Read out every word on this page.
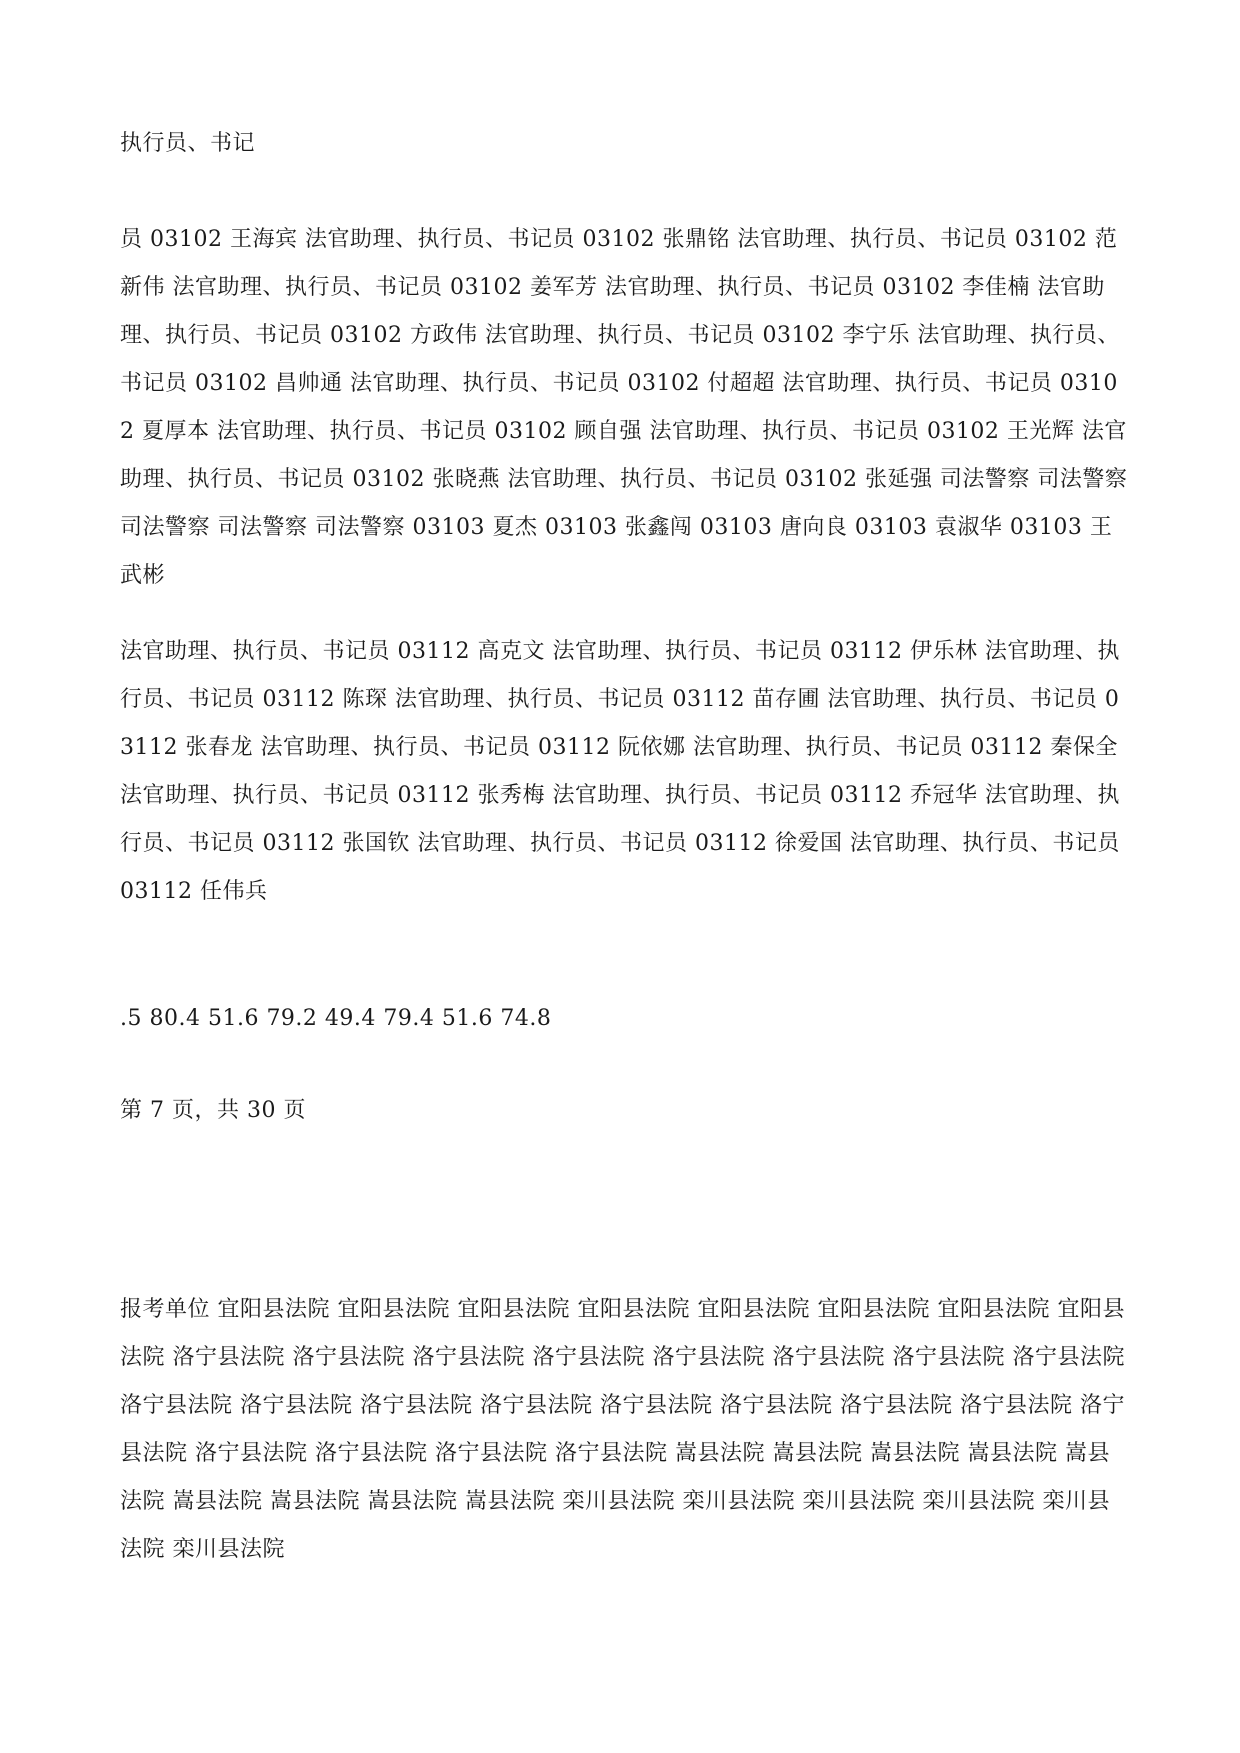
执行员、书记

员 03102 王海宾 法官助理、执行员、书记员 03102 张鼎铭 法官助理、执行员、书记员 03102 范新伟 法官助理、执行员、书记员 03102 姜军芳 法官助理、执行员、书记员 03102 李佳楠 法官助理、执行员、书记员 03102 方政伟 法官助理、执行员、书记员 03102 李宁乐 法官助理、执行员、书记员 03102 昌帅通 法官助理、执行员、书记员 03102 付超超 法官助理、执行员、书记员 03102 夏厚本 法官助理、执行员、书记员 03102 顾自强 法官助理、执行员、书记员 03102 王光辉 法官助理、执行员、书记员 03102 张晓燕 法官助理、执行员、书记员 03102 张延强 司法警察 司法警察 司法警察 司法警察 司法警察 03103 夏杰 03103 张鑫闯 03103 唐向良 03103 袁淑华 03103 王武彬

法官助理、执行员、书记员 03112 高克文 法官助理、执行员、书记员 03112 伊乐林 法官助理、执行员、书记员 03112 陈琛 法官助理、执行员、书记员 03112 苗存圃 法官助理、执行员、书记员 03112 张春龙 法官助理、执行员、书记员 03112 阮依娜 法官助理、执行员、书记员 03112 秦保全 法官助理、执行员、书记员 03112 张秀梅 法官助理、执行员、书记员 03112 乔冠华 法官助理、执行员、书记员 03112 张国钦 法官助理、执行员、书记员 03112 徐爱国 法官助理、执行员、书记员 03112 任伟兵

.5 80.4 51.6 79.2 49.4 79.4 51.6 74.8

第 7 页，共 30 页

报考单位 宜阳县法院 宜阳县法院 宜阳县法院 宜阳县法院 宜阳县法院 宜阳县法院 宜阳县法院 宜阳县法院 洛宁县法院 洛宁县法院 洛宁县法院 洛宁县法院 洛宁县法院 洛宁县法院 洛宁县法院 洛宁县法院 洛宁县法院 洛宁县法院 洛宁县法院 洛宁县法院 洛宁县法院 洛宁县法院 洛宁县法院 洛宁县法院 洛宁县法院 洛宁县法院 洛宁县法院 洛宁县法院 洛宁县法院 嵩县法院 嵩县法院 嵩县法院 嵩县法院 嵩县法院 嵩县法院 嵩县法院 嵩县法院 嵩县法院 栾川县法院 栾川县法院 栾川县法院 栾川县法院 栾川县法院 栾川县法院
